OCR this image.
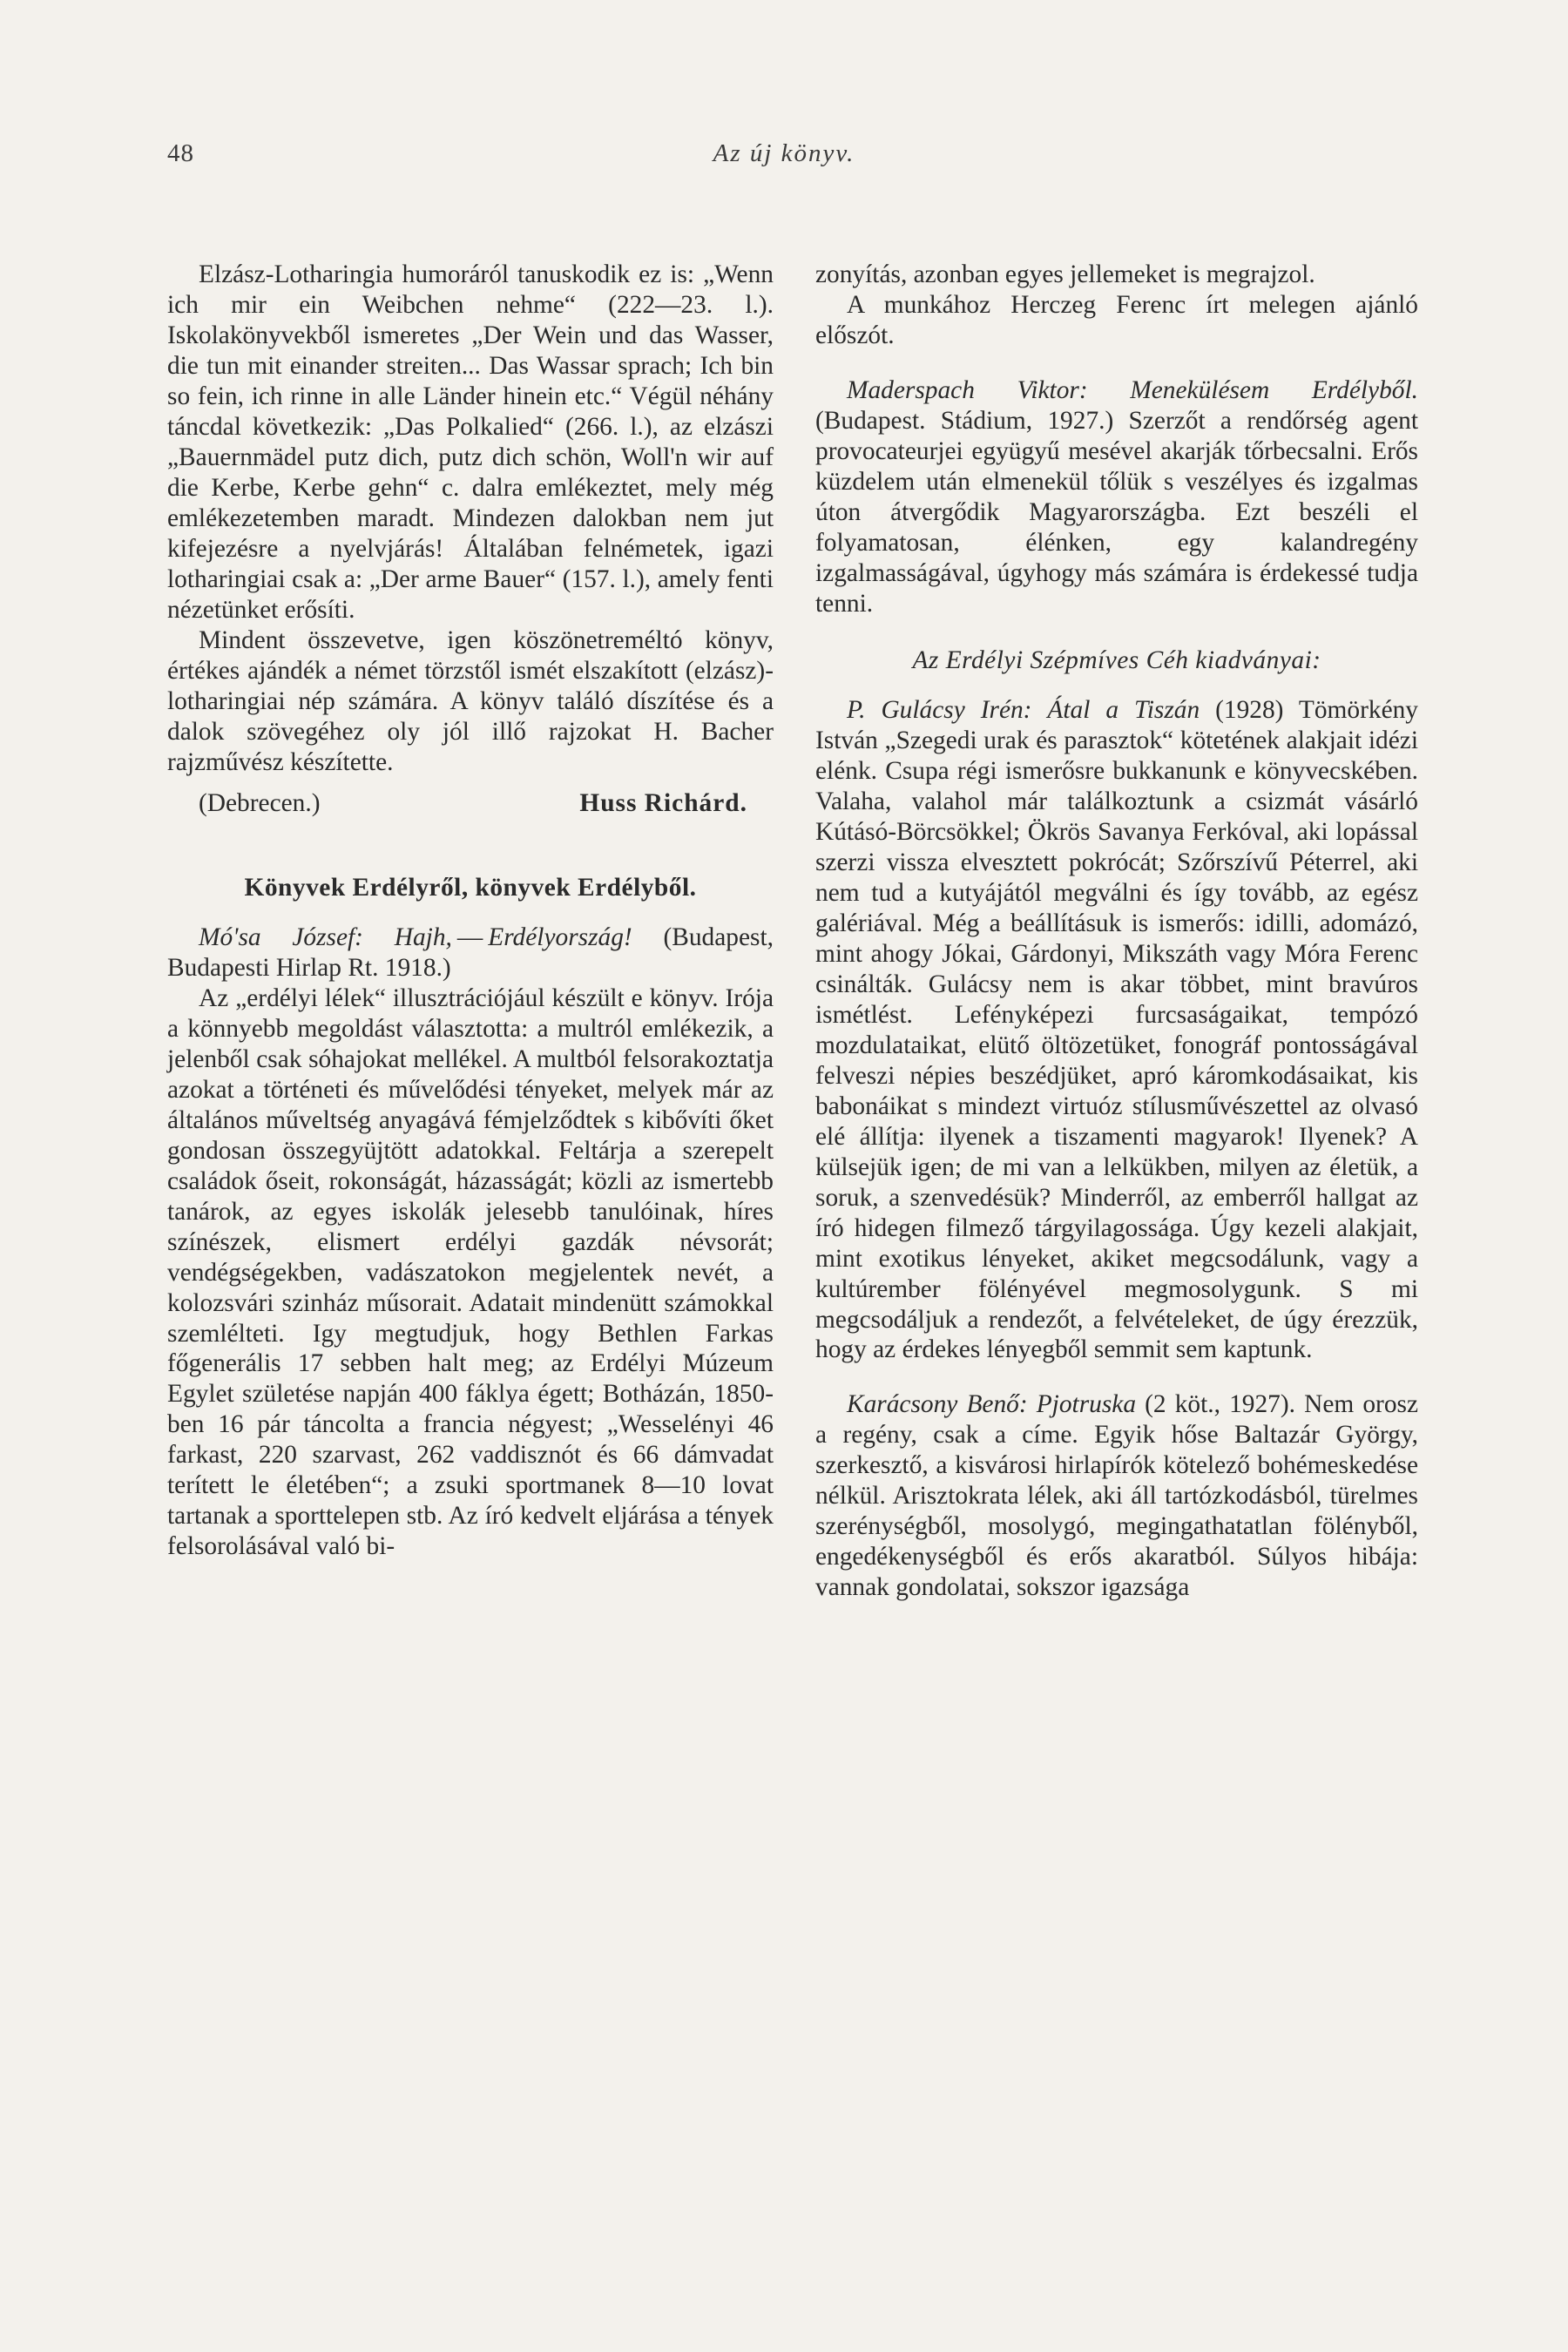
48	Az új könyv.

Elzász-Lotharingia humoráról tanuskodik ez is: „Wenn ich mir ein Weibchen nehme“ (222—23. l.). Iskolakönyvekből ismeretes „Der Wein und das Wasser, die tun mit einander streiten... Das Wassar sprach; Ich bin so fein, ich rinne in alle Länder hinein etc.“ Végül néhány táncdal következik: „Das Polkalied“ (266. l.), az elzászi „Bauernmädel putz dich, putz dich schön, Woll'n wir auf die Kerbe, Kerbe gehn“ c. dalra emlékeztet, mely még emlékezetemben maradt. Mindezen dalokban nem jut kifejezésre a nyelvjárás! Általában felnémetek, igazi lotharingiai csak a: „Der arme Bauer“ (157. l.), amely fenti nézetünket erősíti.

Mindent összevetve, igen köszönetreméltó könyv, értékes ajándék a német törzstől ismét elszakított (elzász)-lotharingiai nép számára. A könyv találó díszítése és a dalok szövegéhez oly jól illő rajzokat H. Bacher rajzművész készítette.

(Debrecen.)	Huss Richárd.

Könyvek Erdélyről, könyvek Erdélyből.

Mó'sa József: Hajh, — Erdélyország! (Budapest, Budapesti Hirlap Rt. 1918.)

Az „erdélyi lélek“ illusztrációjául készült e könyv. Irója a könnyebb megoldást választotta: a multról emlékezik, a jelenből csak sóhajokat mellékel. A multból felsorakoztatja azokat a történeti és művelődési tényeket, melyek már az általános műveltség anyagává fémjelződtek s kibővíti őket gondosan összegyüjtött adatokkal. Feltárja a szerepelt családok őseit, rokonságát, házasságát; közli az ismertebb tanárok, az egyes iskolák jelesebb tanulóinak, híres színészek, elismert erdélyi gazdák névsorát; vendégségekben, vadászatokon megjelentek nevét, a kolozsvári szinház műsorait. Adatait mindenütt számokkal szemlélteti. Igy megtudjuk, hogy Bethlen Farkas főgenerális 17 sebben halt meg; az Erdélyi Múzeum Egylet születése napján 400 fáklya égett; Botházán, 1850-ben 16 pár táncolta a francia négyest; „Wesselényi 46 farkast, 220 szarvast, 262 vaddisznót és 66 dámvadat terített le életében“; a zsuki sportmanek 8—10 lovat tartanak a sporttelepen stb. Az író kedvelt eljárása a tények felsorolásával való bi-

zonyítás, azonban egyes jellemeket is megrajzol.

A munkához Herczeg Ferenc írt melegen ajánló előszót.

Maderspach Viktor: Menekülésem Erdélyből. (Budapest. Stádium, 1927.) Szerzőt a rendőrség agent provocateurjei együgyű mesével akarják tőrbecsalni. Erős küzdelem után elmenekül tőlük s veszélyes és izgalmas úton átvergődik Magyarországba. Ezt beszéli el folyamatosan, élénken, egy kalandregény izgalmasságával, úgyhogy más számára is érdekessé tudja tenni.

Az Erdélyi Szépmíves Céh kiadványai:

P. Gulácsy Irén: Átal a Tiszán (1928) Tömörkény István „Szegedi urak és parasztok“ kötetének alakjait idézi elénk. Csupa régi ismerősre bukkanunk e könyvecskében. Valaha, valahol már találkoztunk a csizmát vásárló Kútásó-Börcsökkel; Ökrös Savanya Ferkóval, aki lopással szerzi vissza elvesztett pokrócát; Szőrszívű Péterrel, aki nem tud a kutyájától megválni és így tovább, az egész galériával. Még a beállításuk is ismerős: idilli, adomázó, mint ahogy Jókai, Gárdonyi, Mikszáth vagy Móra Ferenc csinálták. Gulácsy nem is akar többet, mint bravúros ismétlést. Lefényképezi furcsaságaikat, tempózó mozdulataikat, elütő öltözetüket, fonográf pontosságával felveszi népies beszédjüket, apró káromkodásaikat, kis babonáikat s mindezt virtuóz stílusművészettel az olvasó elé állítja: ilyenek a tiszamenti magyarok! Ilyenek? A külsejük igen; de mi van a lelkükben, milyen az életük, a soruk, a szenvedésük? Minderről, az emberről hallgat az író hidegen filmező tárgyilagossága. Úgy kezeli alakjait, mint exotikus lényeket, akiket megcsodálunk, vagy a kultúrember fölényével megmosolygunk. S mi megcsodáljuk a rendezőt, a felvételeket, de úgy érezzük, hogy az érdekes lényegből semmit sem kaptunk.

Karácsony Benő: Pjotruska (2 köt., 1927). Nem orosz a regény, csak a címe. Egyik hőse Baltazár György, szerkesztő, a kisvárosi hirlapírók kötelező bohémeskedése nélkül. Arisztokrata lélek, aki áll tartózkodásból, türelmes szerénységből, mosolygó, megingathatatlan fölényből, engedékenységből és erős akaratból. Súlyos hibája: vannak gondolatai, sokszor igazsága
